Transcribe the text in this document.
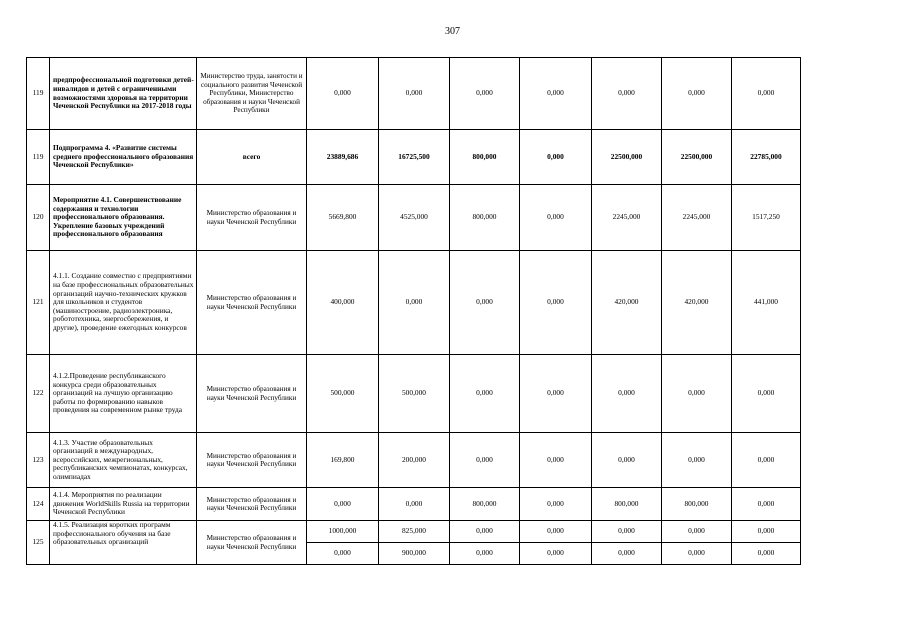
307
119	предпрофессиональной подготовки детей-инвалидов и детей с ограниченными возможностями здоровья на территории Чеченской Республики на 2017-2018 годы	Министерство труда, занятости и социального развития Чеченской Республики, Министерство образования и науки Чеченской Республики	0,000	0,000	0,000	0,000	0,000	0,000	0,000
119	Подпрограмма 4. «Развитие системы среднего профессионального образования Чеченской Республики»	всего	23889,686	16725,500	800,000	0,000	22500,000	22500,000	22785,000
120	Мероприятие 4.1. Совершенствование содержания и технологии профессионального образования. Укрепление базовых учреждений профессионального образования	Министерство образования и науки Чеченской Республики	5669,800	4525,000	800,000	0,000	2245,000	2245,000	1517,250
121	4.1.1. Создание совместно с предприятиями на базе профессиональных образовательных организаций научно-технических кружков для школьников и студентов (машиностроение, радиоэлектроника, робототехника, энергосбережения, и другие), проведение ежегодных конкурсов	Министерство образования и науки Чеченской Республики	400,000	0,000	0,000	0,000	420,000	420,000	441,000
122	4.1.2.Проведение республиканского конкурса среди образовательных организаций на лучшую организацию работы по формированию навыков проведения на современном рынке труда	Министерство образования и науки Чеченской Республики	500,000	500,000	0,000	0,000	0,000	0,000	0,000
123	4.1.3. Участие образовательных организаций в международных, всероссийских, межрегиональных, республиканских чемпионатах, конкурсах, олимпиадах	Министерство образования и науки Чеченской Республики	169,800	200,000	0,000	0,000	0,000	0,000	0,000
124	4.1.4. Мероприятия по реализации движения WorldSkills Russia на территории Чеченской Республики	Министерство образования и науки Чеченской Республики	0,000	0,000	800,000	0,000	800,000	800,000	0,000
125	4.1.5. Реализация коротких программ профессионального обучения на базе образовательных организаций	Министерство образования и науки Чеченской Республики	1000,000	825,000	0,000	0,000	0,000	0,000	0,000
			0,000	900,000	0,000	0,000	0,000	0,000	0,000
